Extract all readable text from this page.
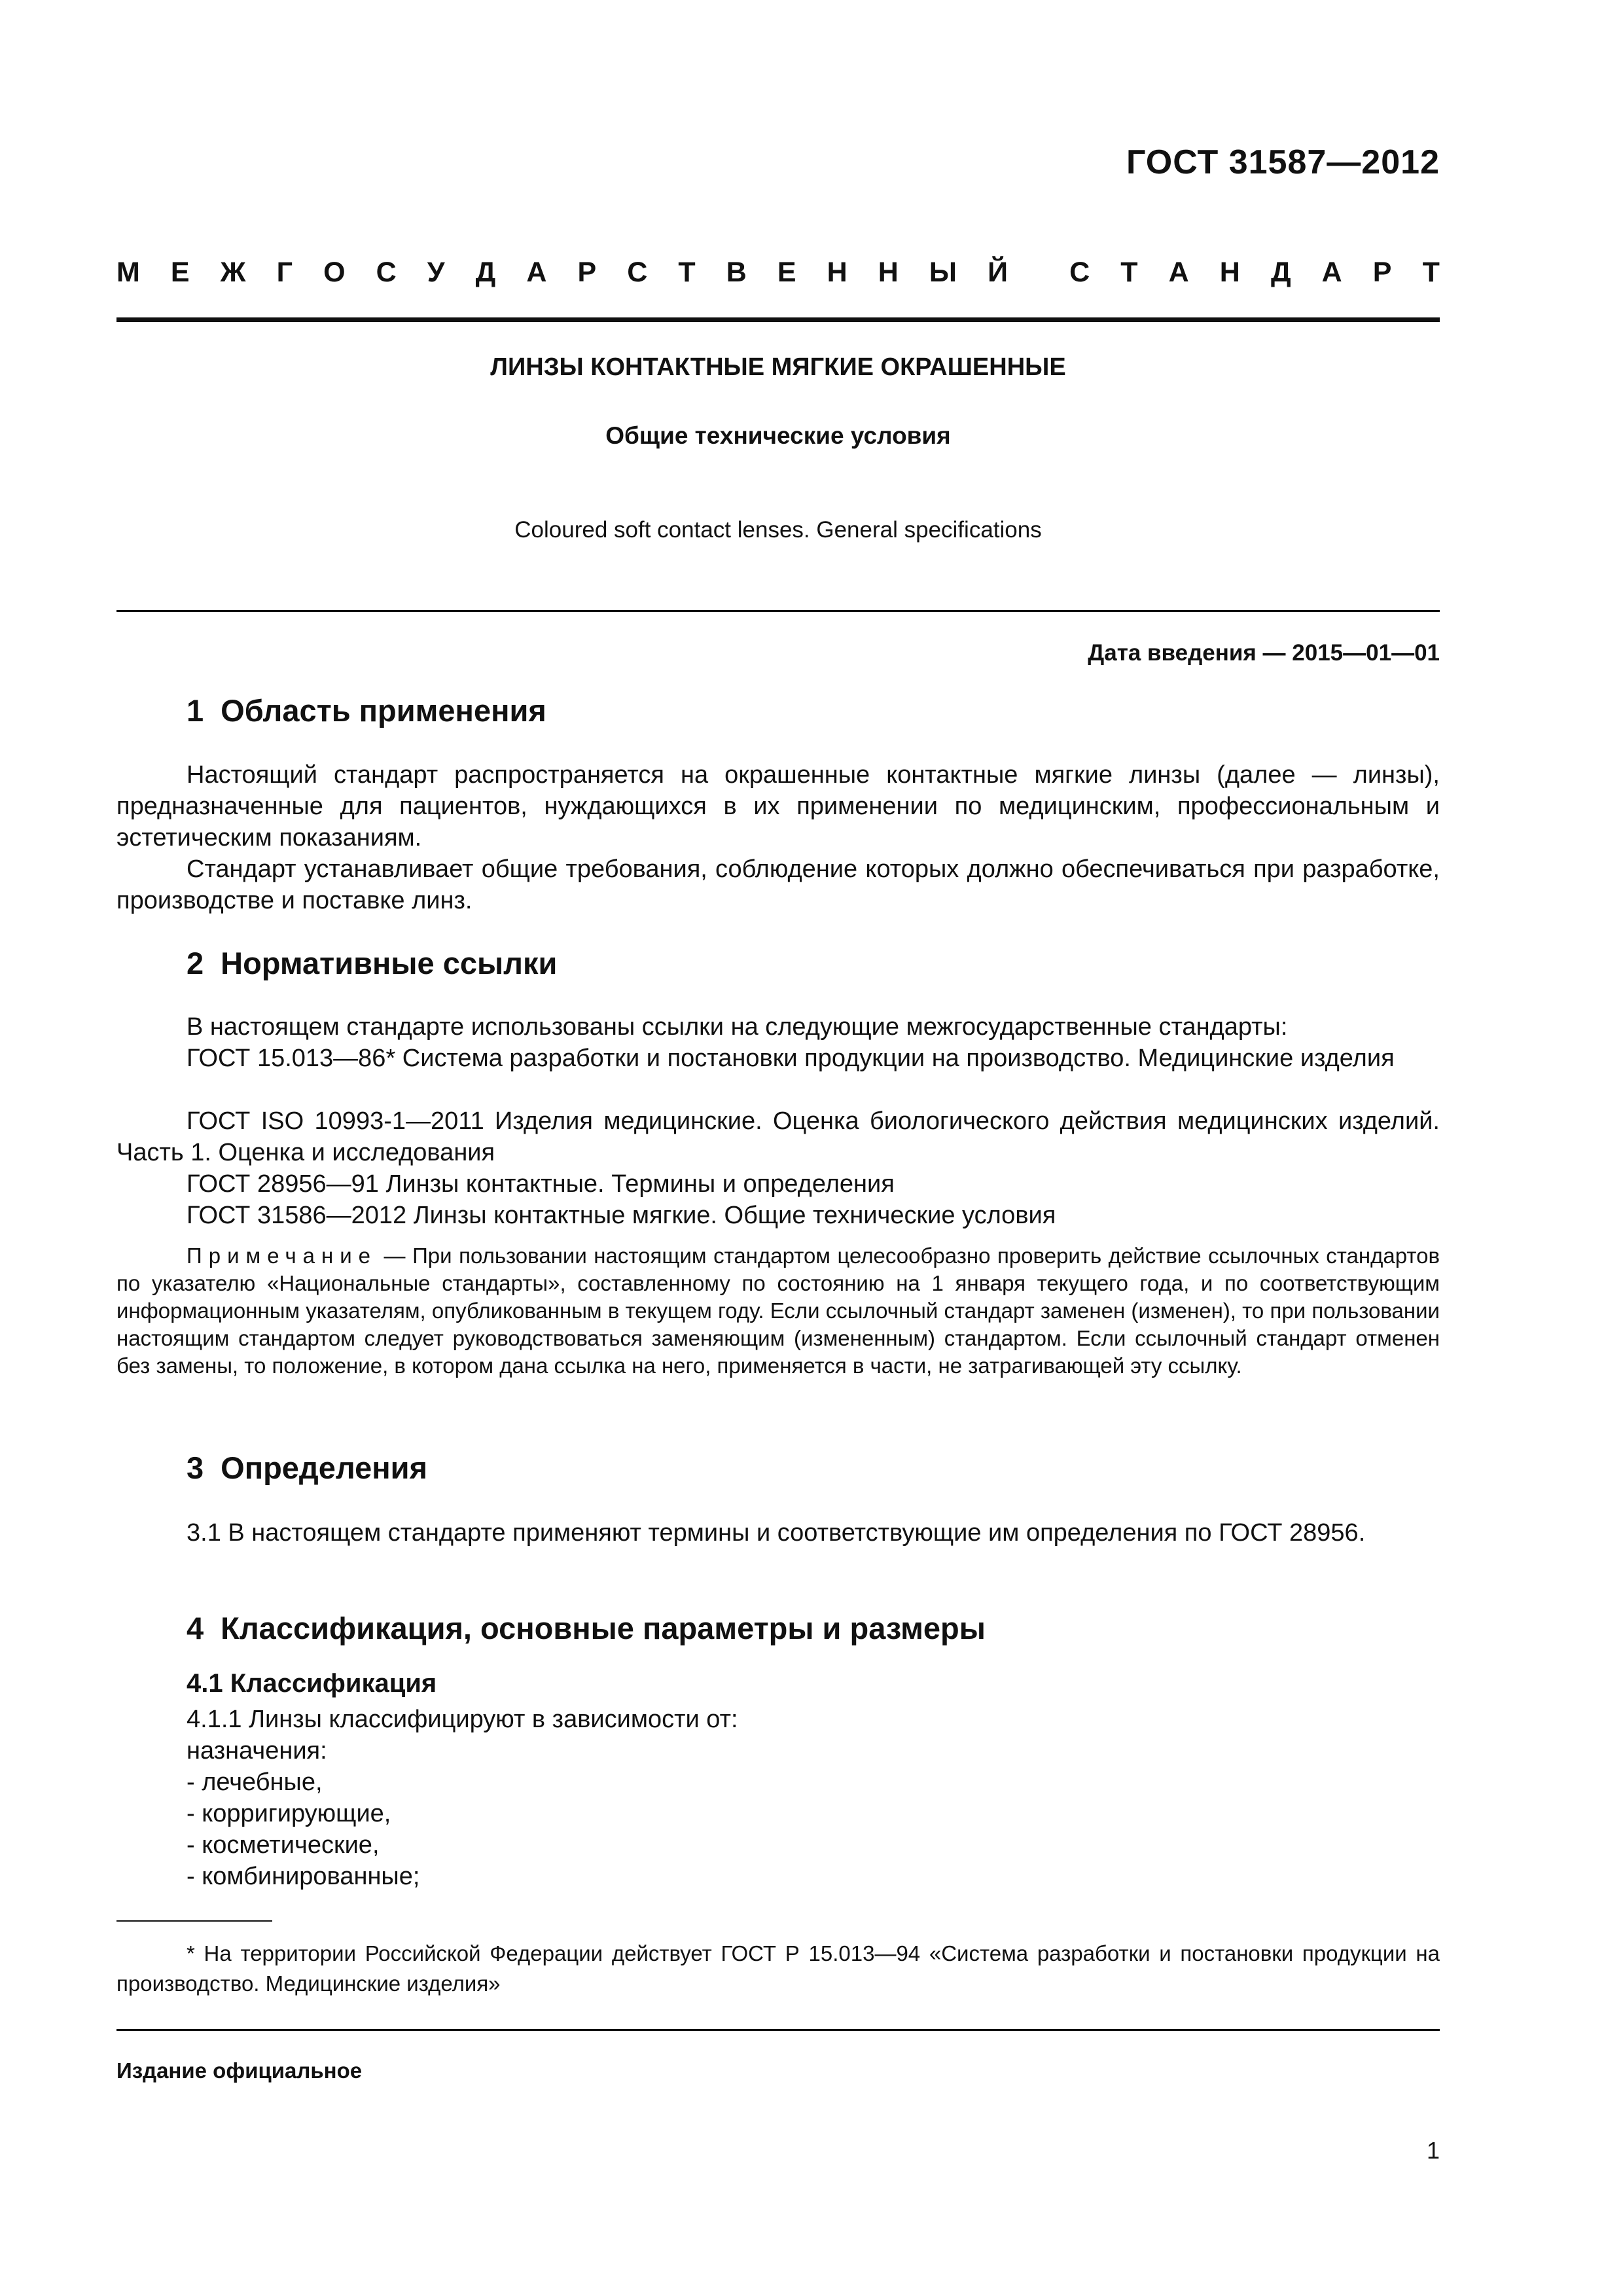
ГОСТ 31587—2012
М Е Ж Г О С У Д А Р С Т В Е Н Н Ы Й С Т А Н Д А Р Т
ЛИНЗЫ КОНТАКТНЫЕ МЯГКИЕ ОКРАШЕННЫЕ
Общие технические условия
Coloured soft contact lenses. General specifications
Дата введения — 2015—01—01
1 Область применения
Настоящий стандарт распространяется на окрашенные контактные мягкие линзы (далее — линзы), предназначенные для пациентов, нуждающихся в их применении по медицинским, профессиональным и эстетическим показаниям.
Стандарт устанавливает общие требования, соблюдение которых должно обеспечиваться при разработке, производстве и поставке линз.
2 Нормативные ссылки
В настоящем стандарте использованы ссылки на следующие межгосударственные стандарты:
ГОСТ 15.013—86* Система разработки и постановки продукции на производство. Медицинские изделия
ГОСТ ISO 10993-1—2011 Изделия медицинские. Оценка биологического действия медицинских изделий. Часть 1. Оценка и исследования
ГОСТ 28956—91 Линзы контактные. Термины и определения
ГОСТ 31586—2012 Линзы контактные мягкие. Общие технические условия
Примечание — При пользовании настоящим стандартом целесообразно проверить действие ссылочных стандартов по указателю «Национальные стандарты», составленному по состоянию на 1 января текущего года, и по соответствующим информационным указателям, опубликованным в текущем году. Если ссылочный стандарт заменен (изменен), то при пользовании настоящим стандартом следует руководствоваться заменяющим (измененным) стандартом. Если ссылочный стандарт отменен без замены, то положение, в котором дана ссылка на него, применяется в части, не затрагивающей эту ссылку.
3 Определения
3.1 В настоящем стандарте применяют термины и соответствующие им определения по ГОСТ 28956.
4 Классификация, основные параметры и размеры
4.1 Классификация
4.1.1 Линзы классифицируют в зависимости от:
назначения:
- лечебные,
- корригирующие,
- косметические,
- комбинированные;
* На территории Российской Федерации действует ГОСТ Р 15.013—94 «Система разработки и постановки продукции на производство. Медицинские изделия»
Издание официальное
1
